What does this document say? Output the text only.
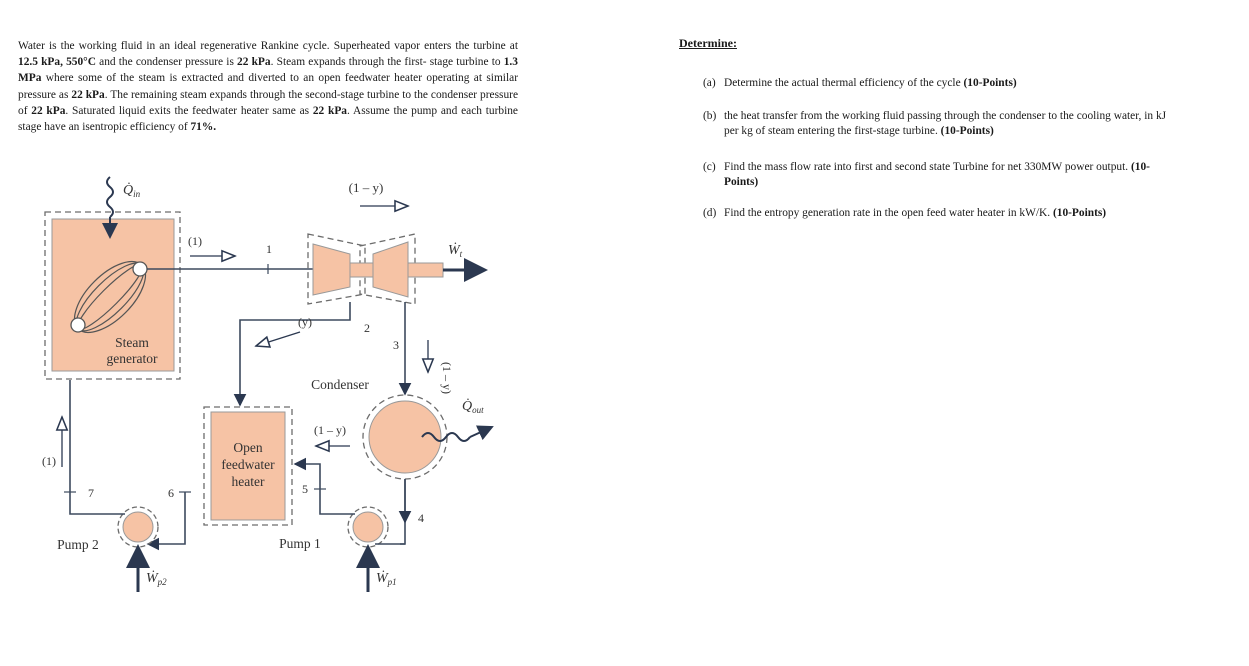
Water is the working fluid in an ideal regenerative Rankine cycle. Superheated vapor enters the turbine at 12.5 kPa, 550°C and the condenser pressure is 22 kPa. Steam expands through the first- stage turbine to 1.3 MPa where some of the steam is extracted and diverted to an open feedwater heater operating at similar pressure as 22 kPa. The remaining steam expands through the second-stage turbine to the condenser pressure of 22 kPa. Saturated liquid exits the feedwater heater same as 22 kPa. Assume the pump and each turbine stage have an isentropic efficiency of 71%.
Steam
generator
$Q̇_{in}$
1
(1)
Ẇ$_t$
(1 – y)
2
(y)
3
(1 – y)
Condenser
$Q̇_{out}$
4
Pump 1
Ẇ$_{p1}$
5
(1 – y)
Open
feedwater
heater
6
Pump 2
Ẇ$_{p2}$
7
(1)
Determine:
(a) Determine the actual thermal efficiency of the cycle (10-Points)
(b) the heat transfer from the working fluid passing through the condenser to the cooling water, in kJ per kg of steam entering the first-stage turbine. (10-Points)
(c) Find the mass flow rate into first and second state Turbine for net 330MW power output. (10-Points)
(d) Find the entropy generation rate in the open feed water heater in kW/K. (10-Points)
